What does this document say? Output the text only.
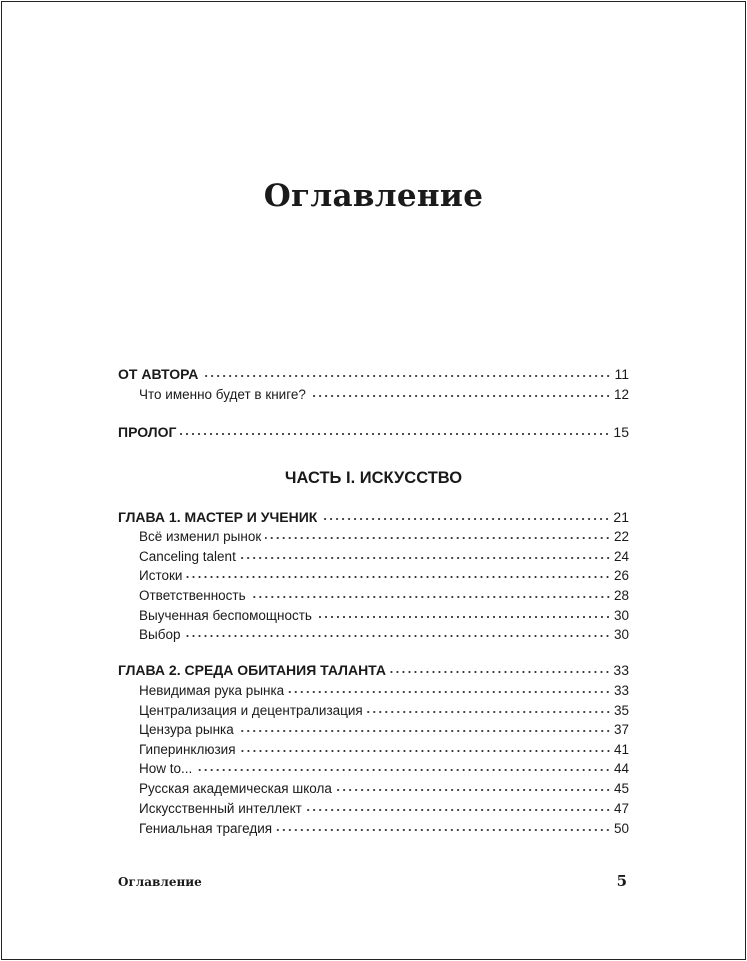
Оглавление
ОТ АВТОРА	11
Что именно будет в книге?	12
ПРОЛОГ	15
ГЛАВА 1. МАСТЕР И УЧЕНИК	21
Всё изменил рынок	22
Canceling talent	24
Истоки	26
Ответственность	28
Выученная беспомощность	30
Выбор	30
ГЛАВА 2. СРЕДА ОБИТАНИЯ ТАЛАНТА	33
Невидимая рука рынка	33
Централизация и децентрализация	35
Цензура рынка	37
Гиперинклюзия	41
How to...	44
Русская академическая школа	45
Искусственный интеллект	47
Гениальная трагедия	50
ЧАСТЬ I. ИСКУССТВО
Оглавление	5
